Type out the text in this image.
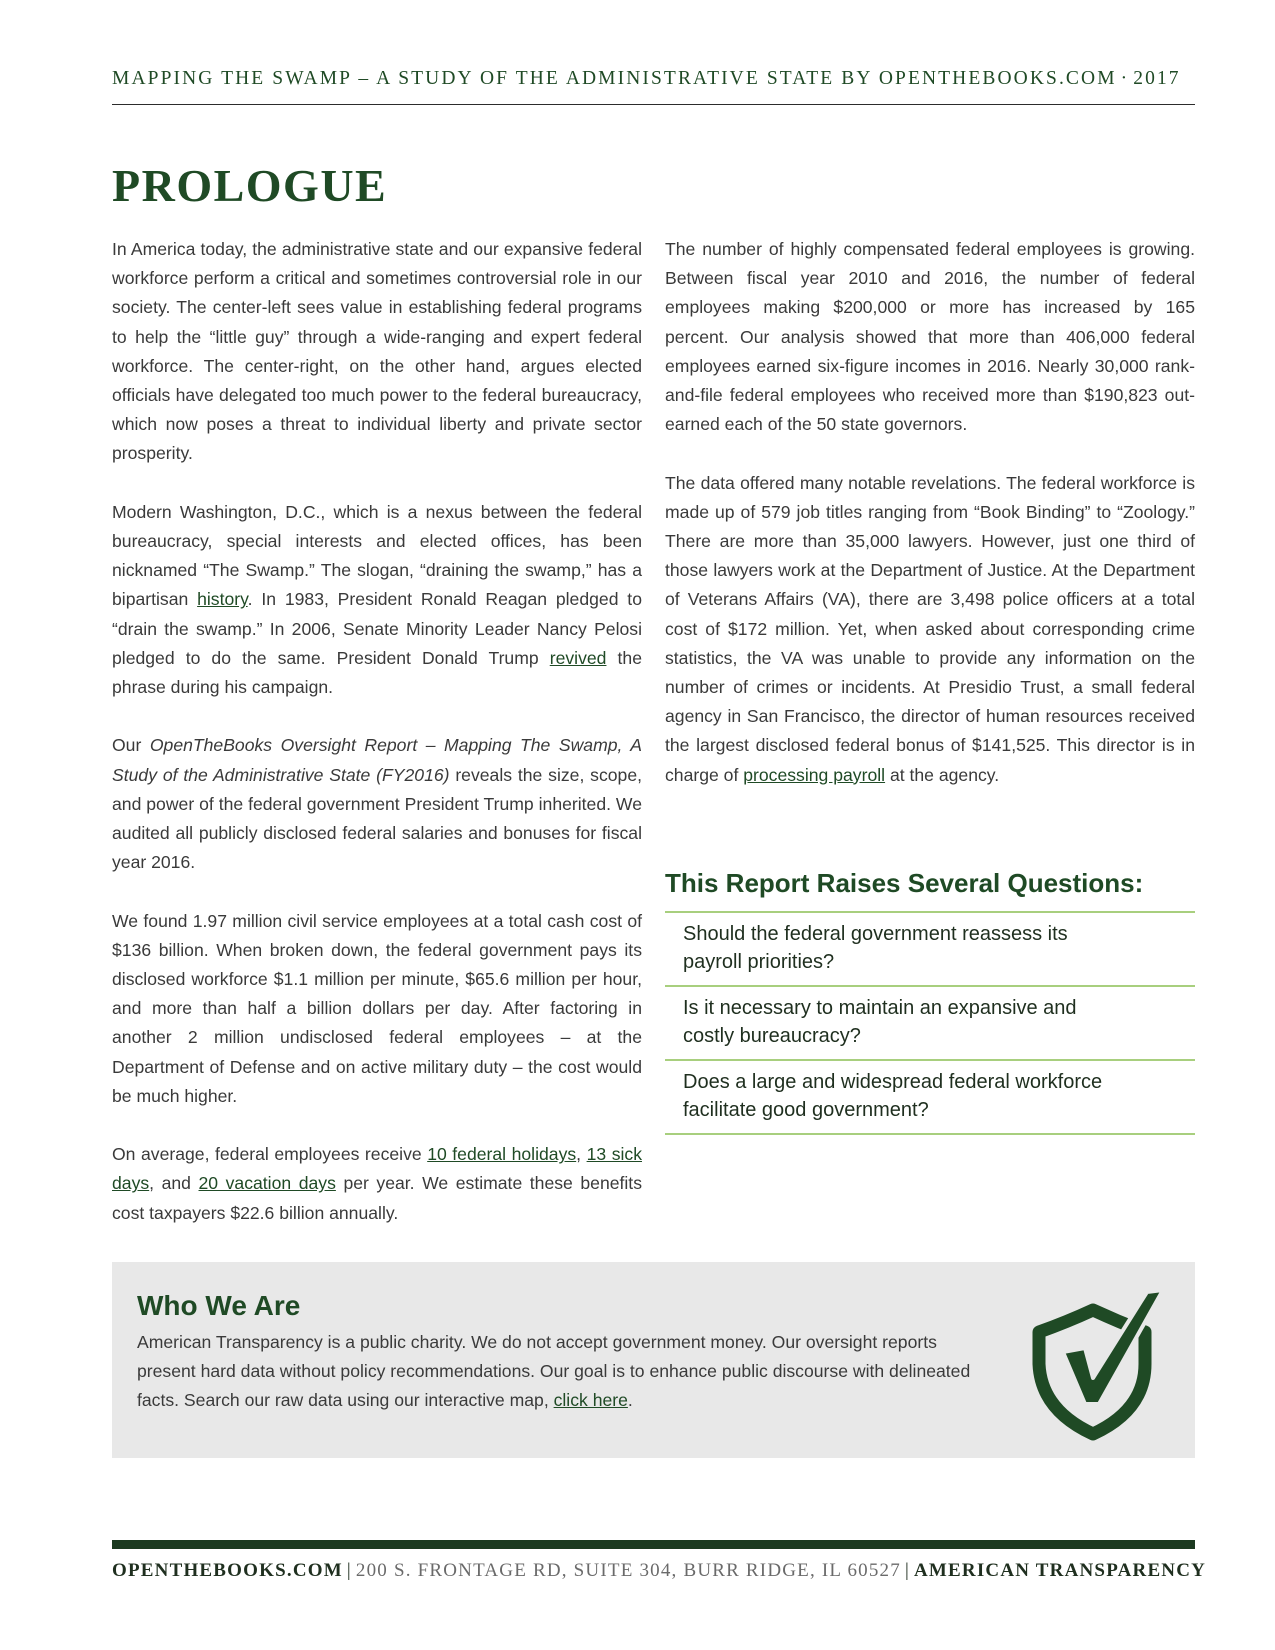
MAPPING THE SWAMP – A STUDY OF THE ADMINISTRATIVE STATE BY OPENTHEBOOKS.COM · 2017
PROLOGUE

In America today, the administrative state and our expansive federal workforce perform a critical and sometimes controversial role in our society. The center-left sees value in establishing federal programs to help the “little guy” through a wide-ranging and expert federal workforce. The center-right, on the other hand, argues elected officials have delegated too much power to the federal bureaucracy, which now poses a threat to individual liberty and private sector prosperity.

Modern Washington, D.C., which is a nexus between the federal bureaucracy, special interests and elected offices, has been nicknamed “The Swamp.” The slogan, “draining the swamp,” has a bipartisan history. In 1983, President Ronald Reagan pledged to “drain the swamp.” In 2006, Senate Minority Leader Nancy Pelosi pledged to do the same. President Donald Trump revived the phrase during his campaign.

Our OpenTheBooks Oversight Report – Mapping The Swamp, A Study of the Administrative State (FY2016) reveals the size, scope, and power of the federal government President Trump inherited. We audited all publicly disclosed federal salaries and bonuses for fiscal year 2016.

We found 1.97 million civil service employees at a total cash cost of $136 billion. When broken down, the federal government pays its disclosed workforce $1.1 million per minute, $65.6 million per hour, and more than half a billion dollars per day. After factoring in another 2 million undisclosed federal employees – at the Department of Defense and on active military duty – the cost would be much higher.

On average, federal employees receive 10 federal holidays, 13 sick days, and 20 vacation days per year. We estimate these benefits cost taxpayers $22.6 billion annually.

The number of highly compensated federal employees is growing. Between fiscal year 2010 and 2016, the number of federal employees making $200,000 or more has increased by 165 percent. Our analysis showed that more than 406,000 federal employees earned six-figure incomes in 2016. Nearly 30,000 rank-and-file federal employees who received more than $190,823 out-earned each of the 50 state governors.

The data offered many notable revelations. The federal workforce is made up of 579 job titles ranging from “Book Binding” to “Zoology.” There are more than 35,000 lawyers. However, just one third of those lawyers work at the Department of Justice. At the Department of Veterans Affairs (VA), there are 3,498 police officers at a total cost of $172 million. Yet, when asked about corresponding crime statistics, the VA was unable to provide any information on the number of crimes or incidents. At Presidio Trust, a small federal agency in San Francisco, the director of human resources received the largest disclosed federal bonus of $141,525. This director is in charge of processing payroll at the agency.

This Report Raises Several Questions:
Should the federal government reassess its payroll priorities?
Is it necessary to maintain an expansive and costly bureaucracy?
Does a large and widespread federal workforce facilitate good government?
Who We Are

American Transparency is a public charity. We do not accept government money. Our oversight reports present hard data without policy recommendations. Our goal is to enhance public discourse with delineated facts. Search our raw data using our interactive map, click here.

OPENTHEBOOKS.COM | 200 S. FRONTAGE RD, SUITE 304, BURR RIDGE, IL 60527 | AMERICAN TRANSPARENCY
